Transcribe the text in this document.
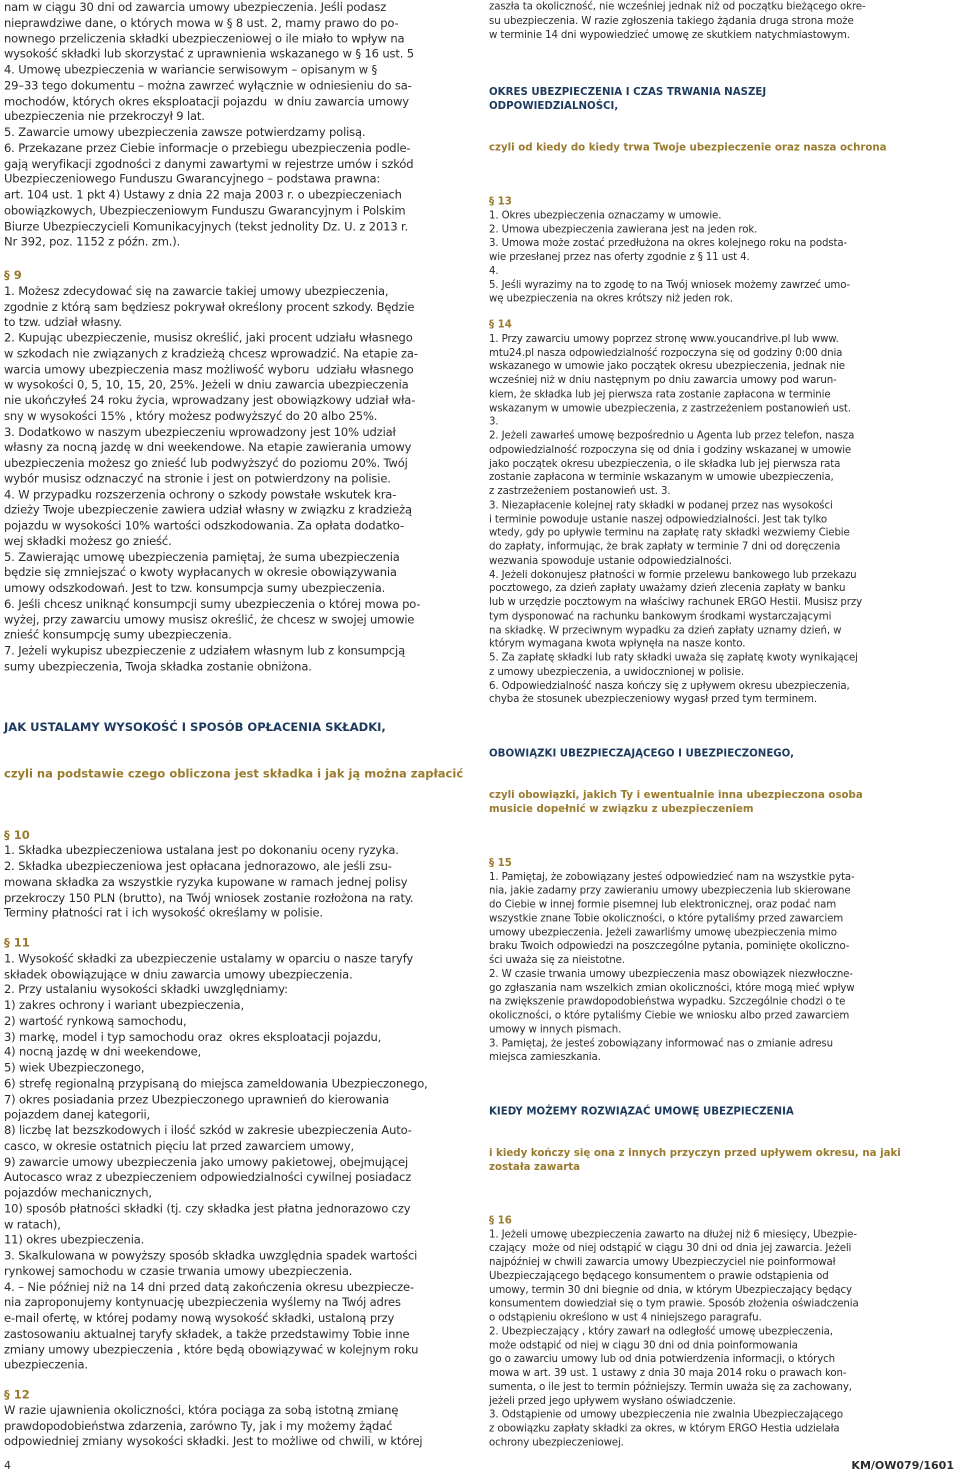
nam w ciągu 30 dni od zawarcia umowy ubezpieczenia. Jeśli podasz
nieprawdziwe dane, o których mowa w § 8 ust. 2, mamy prawo do po-
nownego przeliczenia składki ubezpieczeniowej o ile miało to wpływ na
wysokość składki lub skorzystać z uprawnienia wskazanego w § 16 ust. 5
4. Umowę ubezpieczenia w wariancie serwisowym – opisanym w §
29–33 tego dokumentu – można zawrzeć wyłącznie w odniesieniu do sa-
mochodów, których okres eksploatacji pojazdu  w dniu zawarcia umowy
ubezpieczenia nie przekroczył 9 lat.
5. Zawarcie umowy ubezpieczenia zawsze potwierdzamy polisą.
6. Przekazane przez Ciebie informacje o przebiegu ubezpieczenia podle-
gają weryfikacji zgodności z danymi zawartymi w rejestrze umów i szkód
Ubezpieczeniowego Funduszu Gwarancyjnego – podstawa prawna:
art. 104 ust. 1 pkt 4) Ustawy z dnia 22 maja 2003 r. o ubezpieczeniach
obowiązkowych, Ubezpieczeniowym Funduszu Gwarancyjnym i Polskim
Biurze Ubezpieczycieli Komunikacyjnych (tekst jednolity Dz. U. z 2013 r.
Nr 392, poz. 1152 z późn. zm.).
§ 9
1. Możesz zdecydować się na zawarcie takiej umowy ubezpieczenia,
zgodnie z którą sam będziesz pokrywał określony procent szkody. Będzie
to tzw. udział własny.
2. Kupując ubezpieczenie, musisz określić, jaki procent udziału własnego
w szkodach nie związanych z kradzieżą chcesz wprowadzić. Na etapie za-
warcia umowy ubezpieczenia masz możliwość wyboru  udziału własnego
w wysokości 0, 5, 10, 15, 20, 25%. Jeżeli w dniu zawarcia ubezpieczenia
nie ukończyłeś 24 roku życia, wprowadzany jest obowiązkowy udział wła-
sny w wysokości 15% , który możesz podwyższyć do 20 albo 25%.
3. Dodatkowo w naszym ubezpieczeniu wprowadzony jest 10% udział
własny za nocną jazdę w dni weekendowe. Na etapie zawierania umowy
ubezpieczenia możesz go znieść lub podwyższyć do poziomu 20%. Twój
wybór musisz odznaczyć na stronie i jest on potwierdzony na polisie.
4. W przypadku rozszerzenia ochrony o szkody powstałe wskutek kra-
dzieży Twoje ubezpieczenie zawiera udział własny w związku z kradzieżą
pojazdu w wysokości 10% wartości odszkodowania. Za opłata dodatko-
wej składki możesz go znieść.
5. Zawierając umowę ubezpieczenia pamiętaj, że suma ubezpieczenia
będzie się zmniejszać o kwoty wypłacanych w okresie obowiązywania
umowy odszkodowań. Jest to tzw. konsumpcja sumy ubezpieczenia.
6. Jeśli chcesz uniknąć konsumpcji sumy ubezpieczenia o której mowa po-
wyżej, przy zawarciu umowy musisz określić, że chcesz w swojej umowie
znieść konsumpcję sumy ubezpieczenia.
7. Jeżeli wykupisz ubezpieczenie z udziałem własnym lub z konsumpcją
sumy ubezpieczenia, Twoja składka zostanie obniżona.

JAK USTALAMY WYSOKOŚĆ I SPOSÓB OPŁACENIA SKŁADKI,

czyli na podstawie czego obliczona jest składka i jak ją można zapłacić

§ 10
1. Składka ubezpieczeniowa ustalana jest po dokonaniu oceny ryzyka.
2. Składka ubezpieczeniowa jest opłacana jednorazowo, ale jeśli zsu-
mowana składka za wszystkie ryzyka kupowane w ramach jednej polisy
przekroczy 150 PLN (brutto), na Twój wniosek zostanie rozłożona na raty.
Terminy płatności rat i ich wysokość określamy w polisie.
§ 11
1. Wysokość składki za ubezpieczenie ustalamy w oparciu o nasze taryfy
składek obowiązujące w dniu zawarcia umowy ubezpieczenia.
2. Przy ustalaniu wysokości składki uwzględniamy:
1) zakres ochrony i wariant ubezpieczenia,
2) wartość rynkową samochodu,
3) markę, model i typ samochodu oraz  okres eksploatacji pojazdu,
4) nocną jazdę w dni weekendowe,
5) wiek Ubezpieczonego,
6) strefę regionalną przypisaną do miejsca zameldowania Ubezpieczonego,
7) okres posiadania przez Ubezpieczonego uprawnień do kierowania
pojazdem danej kategorii,
8) liczbę lat bezszkodowych i ilość szkód w zakresie ubezpieczenia Auto-
casco, w okresie ostatnich pięciu lat przed zawarciem umowy,
9) zawarcie umowy ubezpieczenia jako umowy pakietowej, obejmującej
Autocasco wraz z ubezpieczeniem odpowiedzialności cywilnej posiadacz
pojazdów mechanicznych,
10) sposób płatności składki (tj. czy składka jest płatna jednorazowo czy
w ratach),
11) okres ubezpieczenia.
3. Skalkulowana w powyższy sposób składka uwzględnia spadek wartości
rynkowej samochodu w czasie trwania umowy ubezpieczenia.
4. – Nie później niż na 14 dni przed datą zakończenia okresu ubezpiecze-
nia zaproponujemy kontynuację ubezpieczenia wyślemy na Twój adres
e-mail ofertę, w której podamy nową wysokość składki, ustaloną przy
zastosowaniu aktualnej taryfy składek, a także przedstawimy Tobie inne
zmiany umowy ubezpieczenia , które będą obowiązywać w kolejnym roku
ubezpieczenia.
§ 12
W razie ujawnienia okoliczności, która pociąga za sobą istotną zmianę
prawdopodobieństwa zdarzenia, zarówno Ty, jak i my możemy żądać
odpowiedniej zmiany wysokości składki. Jest to możliwe od chwili, w której
zaszła ta okoliczność, nie wcześniej jednak niż od początku bieżącego okre-
su ubezpieczenia. W razie zgłoszenia takiego żądania druga strona może
w terminie 14 dni wypowiedzieć umowę ze skutkiem natychmiastowym.

OKRES UBEZPIECZENIA I CZAS TRWANIA NASZEJ
ODPOWIEDZIALNOŚCI,

czyli od kiedy do kiedy trwa Twoje ubezpieczenie oraz nasza ochrona

§ 13
1. Okres ubezpieczenia oznaczamy w umowie.
2. Umowa ubezpieczenia zawierana jest na jeden rok.
3. Umowa może zostać przedłużona na okres kolejnego roku na podsta-
wie przesłanej przez nas oferty zgodnie z § 11 ust 4.
4.
5. Jeśli wyrazimy na to zgodę to na Twój wniosek możemy zawrzeć umo-
wę ubezpieczenia na okres krótszy niż jeden rok.
§ 14
1. Przy zawarciu umowy poprzez stronę www.youcandrive.pl lub www.
mtu24.pl nasza odpowiedzialność rozpoczyna się od godziny 0:00 dnia
wskazanego w umowie jako początek okresu ubezpieczenia, jednak nie
wcześniej niż w dniu następnym po dniu zawarcia umowy pod warun-
kiem, że składka lub jej pierwsza rata zostanie zapłacona w terminie
wskazanym w umowie ubezpieczenia, z zastrzeżeniem postanowień ust.
3.
2. Jeżeli zawarłeś umowę bezpośrednio u Agenta lub przez telefon, nasza
odpowiedzialność rozpoczyna się od dnia i godziny wskazanej w umowie
jako początek okresu ubezpieczenia, o ile składka lub jej pierwsza rata
zostanie zapłacona w terminie wskazanym w umowie ubezpieczenia,
z zastrzeżeniem postanowień ust. 3.
3. Niezapłacenie kolejnej raty składki w podanej przez nas wysokości
i terminie powoduje ustanie naszej odpowiedzialności. Jest tak tylko
wtedy, gdy po upływie terminu na zapłatę raty składki wezwiemy Ciebie
do zapłaty, informując, że brak zapłaty w terminie 7 dni od doręczenia
wezwania spowoduje ustanie odpowiedzialności.
4. Jeżeli dokonujesz płatności w formie przelewu bankowego lub przekazu
pocztowego, za dzień zapłaty uważamy dzień zlecenia zapłaty w banku
lub w urzędzie pocztowym na właściwy rachunek ERGO Hestii. Musisz przy
tym dysponować na rachunku bankowym środkami wystarczającymi
na składkę. W przeciwnym wypadku za dzień zapłaty uznamy dzień, w
którym wymagana kwota wpłynęła na nasze konto.
5. Za zapłatę składki lub raty składki uważa się zapłatę kwoty wynikającej
z umowy ubezpieczenia, a uwidocznionej w polisie.
6. Odpowiedzialność nasza kończy się z upływem okresu ubezpieczenia,
chyba że stosunek ubezpieczeniowy wygasł przed tym terminem.

OBOWIĄZKI UBEZPIECZAJĄCEGO I UBEZPIECZONEGO,

czyli obowiązki, jakich Ty i ewentualnie inna ubezpieczona osoba
musicie dopełnić w związku z ubezpieczeniem

§ 15
1. Pamiętaj, że zobowiązany jesteś odpowiedzieć nam na wszystkie pyta-
nia, jakie zadamy przy zawieraniu umowy ubezpieczenia lub skierowane
do Ciebie w innej formie pisemnej lub elektronicznej, oraz podać nam
wszystkie znane Tobie okoliczności, o które pytaliśmy przed zawarciem
umowy ubezpieczenia. Jeżeli zawarliśmy umowę ubezpieczenia mimo
braku Twoich odpowiedzi na poszczególne pytania, pominięte okoliczno-
ści uważa się za nieistotne.
2. W czasie trwania umowy ubezpieczenia masz obowiązek niezwłoczne-
go zgłaszania nam wszelkich zmian okoliczności, które mogą mieć wpływ
na zwiększenie prawdopodobieństwa wypadku. Szczególnie chodzi o te
okoliczności, o które pytaliśmy Ciebie we wniosku albo przed zawarciem
umowy w innych pismach.
3. Pamiętaj, że jesteś zobowiązany informować nas o zmianie adresu
miejsca zamieszkania.

KIEDY MOŻEMY ROZWIĄZAĆ UMOWĘ UBEZPIECZENIA

i kiedy kończy się ona z innych przyczyn przed upływem okresu, na jaki
została zawarta

§ 16
1. Jeżeli umowę ubezpieczenia zawarto na dłużej niż 6 miesięcy, Ubezpie-
czający  może od niej odstąpić w ciągu 30 dni od dnia jej zawarcia. Jeżeli
najpóźniej w chwili zawarcia umowy Ubezpieczyciel nie poinformował
Ubezpieczającego będącego konsumentem o prawie odstąpienia od
umowy, termin 30 dni biegnie od dnia, w którym Ubezpieczający będący
konsumentem dowiedział się o tym prawie. Sposób złożenia oświadczenia
o odstąpieniu określono w ust 4 niniejszego paragrafu.
2. Ubezpieczający , który zawarł na odległość umowę ubezpieczenia,
może odstąpić od niej w ciągu 30 dni od dnia poinformowania
go o zawarciu umowy lub od dnia potwierdzenia informacji, o których
mowa w art. 39 ust. 1 ustawy z dnia 30 maja 2014 roku o prawach kon-
sumenta, o ile jest to termin późniejszy. Termin uważa się za zachowany,
jeżeli przed jego upływem wysłano oświadczenie.
3. Odstąpienie od umowy ubezpieczenia nie zwalnia Ubezpieczającego
z obowiązku zapłaty składki za okres, w którym ERGO Hestia udzielała
ochrony ubezpieczeniowej.
4	KM/OW079/1601
